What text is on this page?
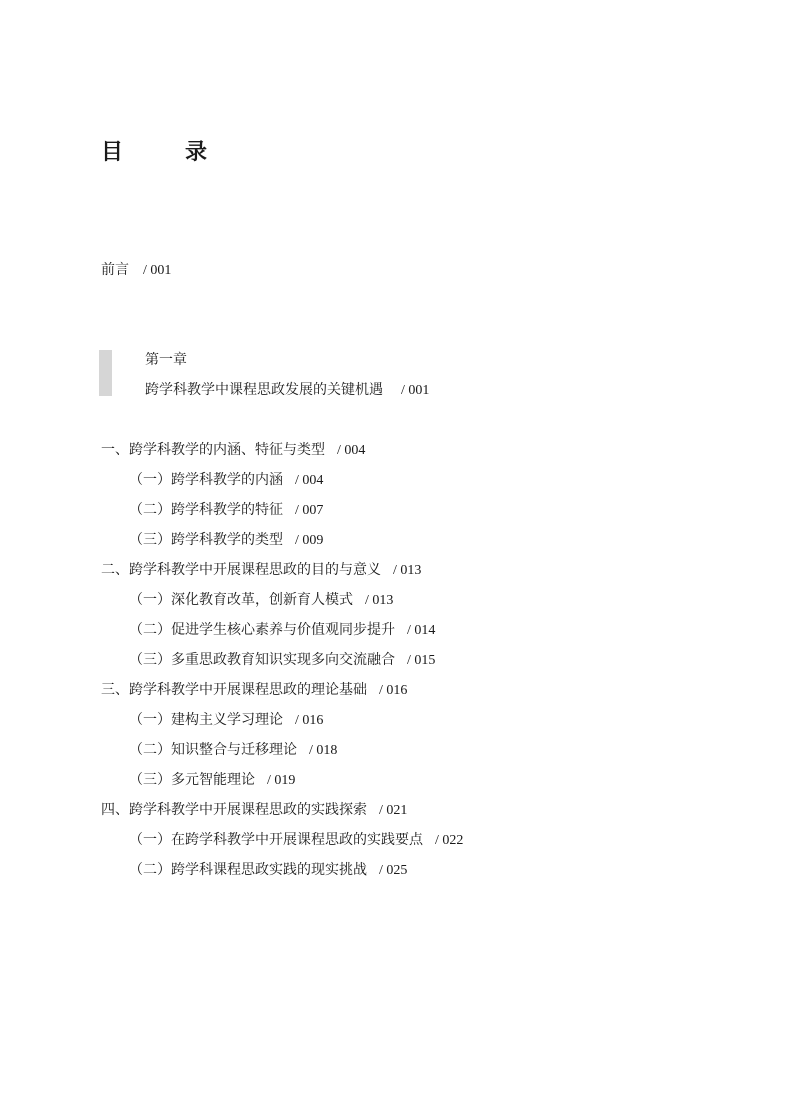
目　录
前言 / 001
第一章
跨学科教学中课程思政发展的关键机遇 / 001
一、跨学科教学的内涵、特征与类型 / 004
（一）跨学科教学的内涵 / 004
（二）跨学科教学的特征 / 007
（三）跨学科教学的类型 / 009
二、跨学科教学中开展课程思政的目的与意义 / 013
（一）深化教育改革，创新育人模式 / 013
（二）促进学生核心素养与价值观同步提升 / 014
（三）多重思政教育知识实现多向交流融合 / 015
三、跨学科教学中开展课程思政的理论基础 / 016
（一）建构主义学习理论 / 016
（二）知识整合与迁移理论 / 018
（三）多元智能理论 / 019
四、跨学科教学中开展课程思政的实践探索 / 021
（一）在跨学科教学中开展课程思政的实践要点 / 022
（二）跨学科课程思政实践的现实挑战 / 025
